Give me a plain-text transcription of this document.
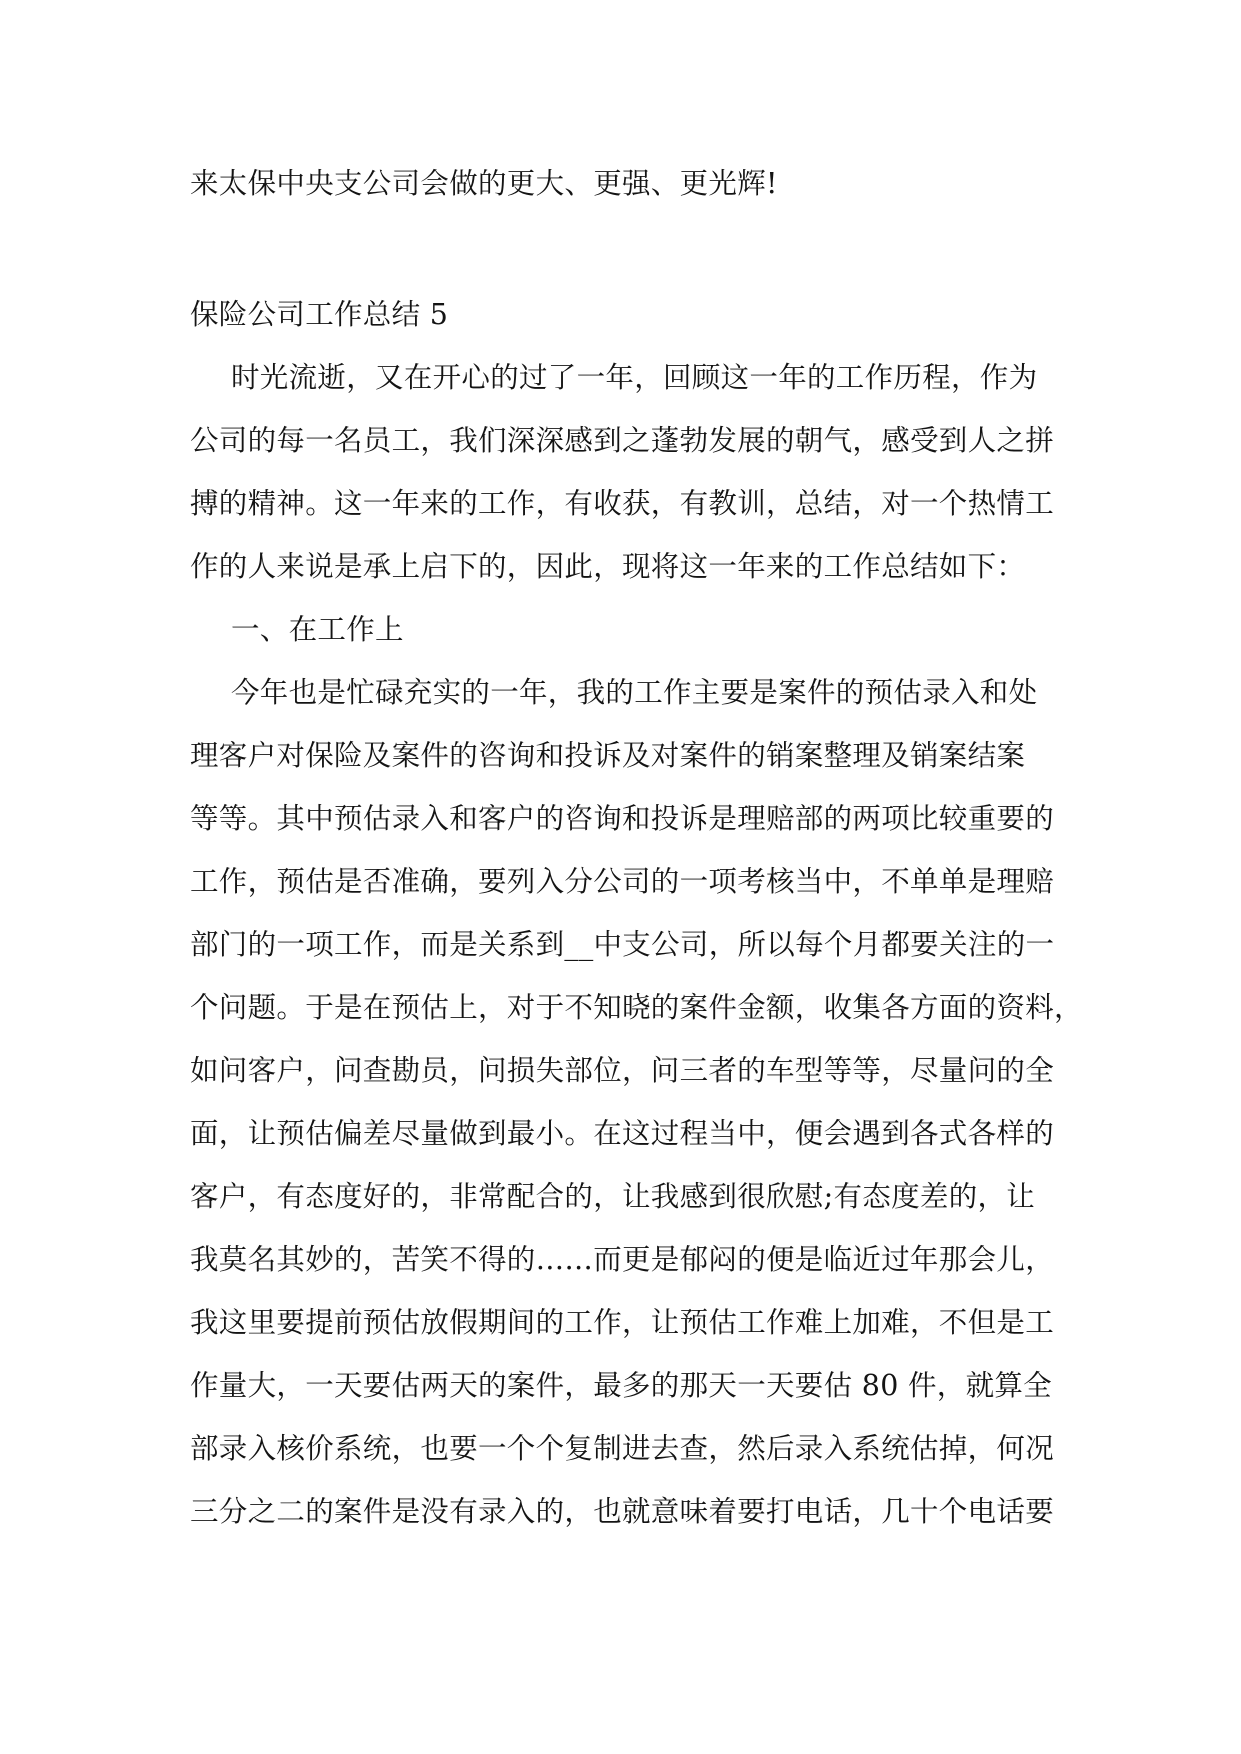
来太保中央支公司会做的更大、更强、更光辉!
保险公司工作总结 5
时光流逝，又在开心的过了一年，回顾这一年的工作历程，作为
公司的每一名员工，我们深深感到之蓬勃发展的朝气，感受到人之拼
搏的精神。这一年来的工作，有收获，有教训，总结，对一个热情工
作的人来说是承上启下的，因此，现将这一年来的工作总结如下：
一、在工作上
今年也是忙碌充实的一年，我的工作主要是案件的预估录入和处
理客户对保险及案件的咨询和投诉及对案件的销案整理及销案结案
等等。其中预估录入和客户的咨询和投诉是理赔部的两项比较重要的
工作，预估是否准确，要列入分公司的一项考核当中，不单单是理赔
部门的一项工作，而是关系到__中支公司，所以每个月都要关注的一
个问题。于是在预估上，对于不知晓的案件金额，收集各方面的资料，
如问客户，问查勘员，问损失部位，问三者的车型等等，尽量问的全
面，让预估偏差尽量做到最小。在这过程当中，便会遇到各式各样的
客户，有态度好的，非常配合的，让我感到很欣慰;有态度差的，让
我莫名其妙的，苦笑不得的……而更是郁闷的便是临近过年那会儿，
我这里要提前预估放假期间的工作，让预估工作难上加难，不但是工
作量大，一天要估两天的案件，最多的那天一天要估 80 件，就算全
部录入核价系统，也要一个个复制进去查，然后录入系统估掉，何况
三分之二的案件是没有录入的，也就意味着要打电话，几十个电话要
